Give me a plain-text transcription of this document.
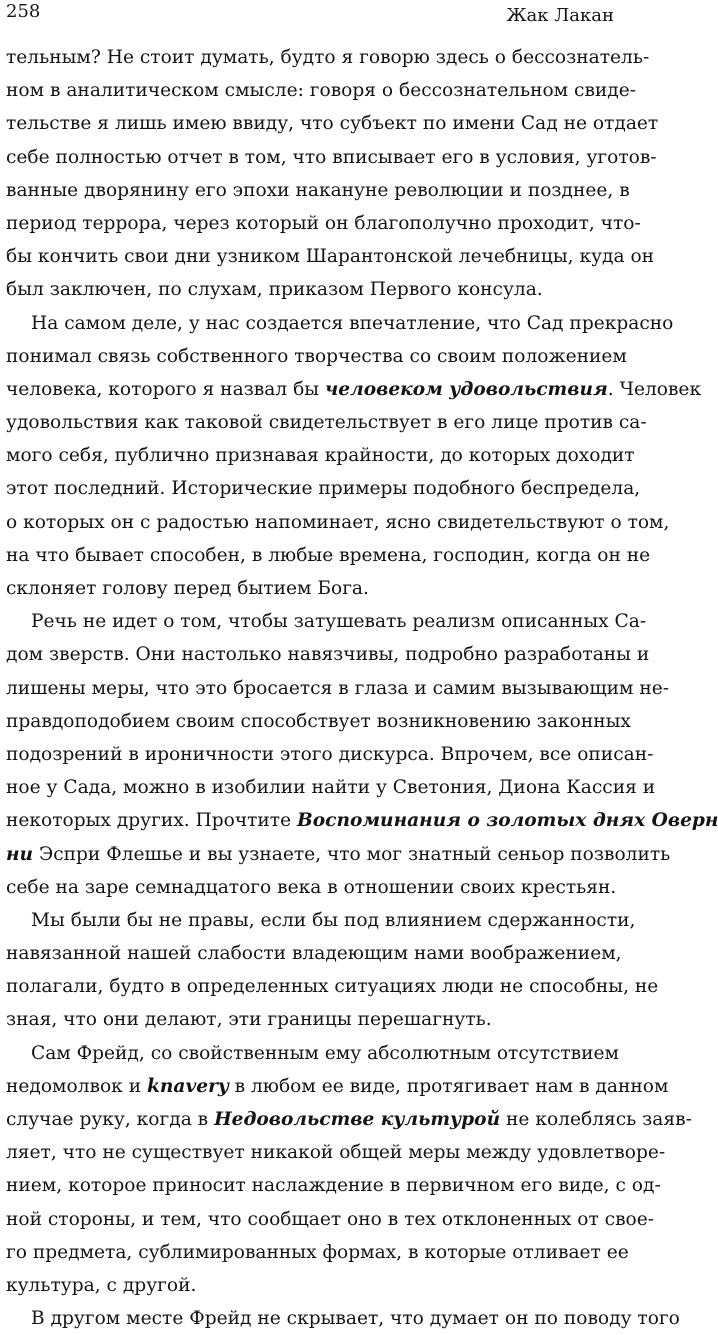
258	Жак Лакан
тельным? Не стоит думать, будто я говорю здесь о бессознатель-
ном в аналитическом смысле: говоря о бессознательном свиде-
тельстве я лишь имею ввиду, что субъект по имени Сад не отдает
себе полностью отчет в том, что вписывает его в условия, уготов-
ванные дворянину его эпохи накануне революции и позднее, в
период террора, через который он благополучно проходит, что-
бы кончить свои дни узником Шарантонской лечебницы, куда он
был заключен, по слухам, приказом Первого консула.
На самом деле, у нас создается впечатление, что Сад прекрасно
понимал связь собственного творчества со своим положением
человека, которого я назвал бы человеком удовольствия. Человек
удовольствия как таковой свидетельствует в его лице против са-
мого себя, публично признавая крайности, до которых доходит
этот последний. Исторические примеры подобного беспредела,
о которых он с радостью напоминает, ясно свидетельствуют о том,
на что бывает способен, в любые времена, господин, когда он не
склоняет голову перед бытием Бога.
Речь не идет о том, чтобы затушевать реализм описанных Са-
дом зверств. Они настолько навязчивы, подробно разработаны и
лишены меры, что это бросается в глаза и самим вызывающим не-
правдоподобием своим способствует возникновению законных
подозрений в ироничности этого дискурса. Впрочем, все описан-
ное у Сада, можно в изобилии найти у Светония, Диона Кассия и
некоторых других. Прочтите Воспоминания о золотых днях Оверн
ни Эспри Флешье и вы узнаете, что мог знатный сеньор позволить
себе на заре семнадцатого века в отношении своих крестьян.
Мы были бы не правы, если бы под влиянием сдержанности,
навязанной нашей слабости владеющим нами воображением,
полагали, будто в определенных ситуациях люди не способны, не
зная, что они делают, эти границы перешагнуть.
Сам Фрейд, со свойственным ему абсолютным отсутствием
недомолвок и knavery в любом ее виде, протягивает нам в данном
случае руку, когда в Недовольстве культурой не колеблясь заяв-
ляет, что не существует никакой общей меры между удовлетворе-
нием, которое приносит наслаждение в первичном его виде, с од-
ной стороны, и тем, что сообщает оно в тех отклоненных от свое-
го предмета, сублимированных формах, в которые отливает ее
культура, с другой.
В другом месте Фрейд не скрывает, что думает он по поводу того
